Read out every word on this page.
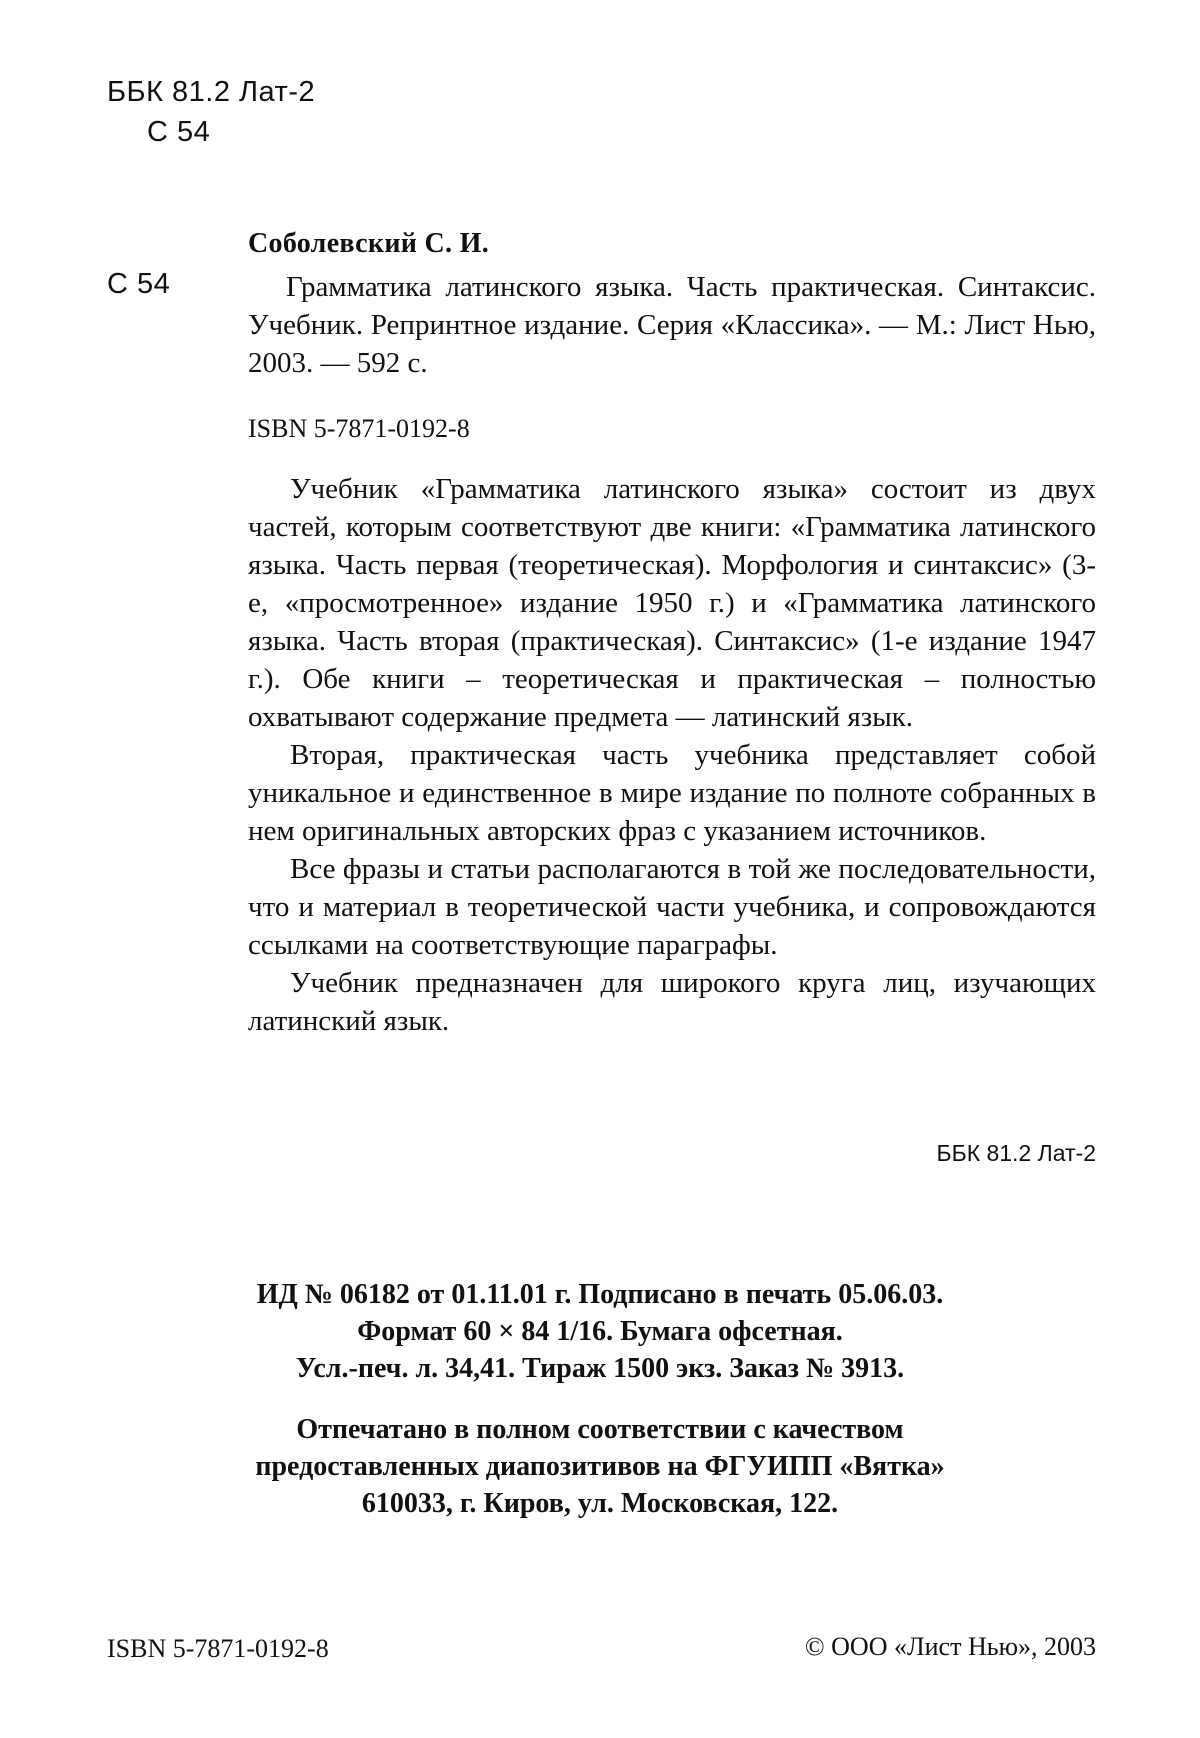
ББК 81.2 Лат-2
С 54
Соболевский С. И.
С 54	Грамматика латинского языка. Часть практическая. Синтаксис. Учебник. Репринтное издание. Серия «Классика». — М.: Лист Нью, 2003. — 592 с.
ISBN 5-7871-0192-8

Учебник «Грамматика латинского языка» состоит из двух частей, которым соответствуют две книги: «Грамматика латинского языка. Часть первая (теоретическая). Морфология и синтаксис» (3-е, «просмотренное» издание 1950 г.) и «Грамматика латинского языка. Часть вторая (практическая). Синтаксис» (1-е издание 1947 г.). Обе книги – теоретическая и практическая – полностью охватывают содержание предмета — латинский язык.

Вторая, практическая часть учебника представляет собой уникальное и единственное в мире издание по полноте собранных в нем оригинальных авторских фраз с указанием источников.

Все фразы и статьи располагаются в той же последовательности, что и материал в теоретической части учебника, и сопровождаются ссылками на соответствующие параграфы.

Учебник предназначен для широкого круга лиц, изучающих латинский язык.

ББК 81.2 Лат-2
ИД № 06182 от 01.11.01 г. Подписано в печать 05.06.03.
Формат 60 × 84 1/16. Бумага офсетная.
Усл.-печ. л. 34,41. Тираж 1500 экз. Заказ № 3913.
Отпечатано в полном соответствии с качеством
предоставленных диапозитивов на ФГУИПП «Вятка»
610033, г. Киров, ул. Московская, 122.
ISBN 5-7871-0192-8	© ООО «Лист Нью», 2003
